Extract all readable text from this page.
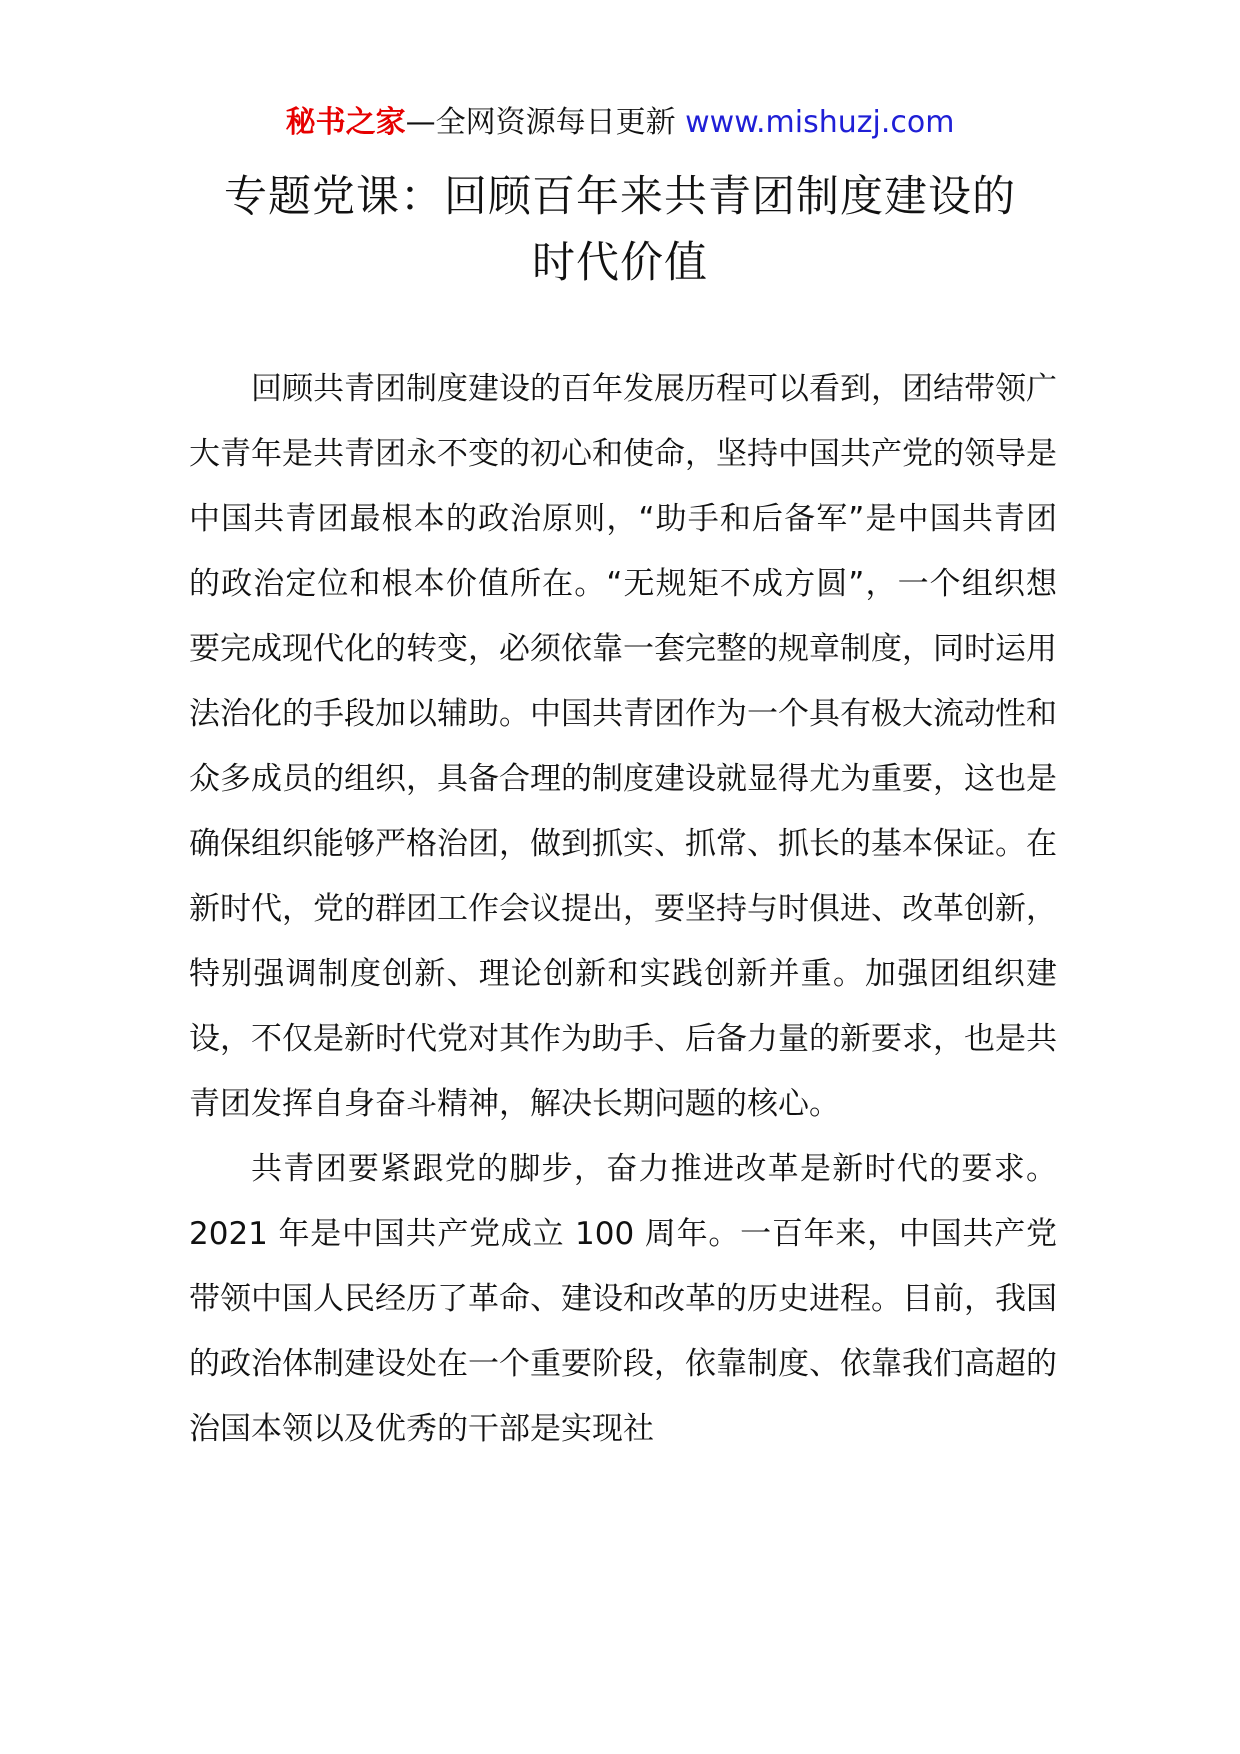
秘书之家—全网资源每日更新 www.mishuzj.com
专题党课：回顾百年来共青团制度建设的
时代价值

回顾共青团制度建设的百年发展历程可以看到，团结带领广大青年是共青团永不变的初心和使命，坚持中国共产党的领导是中国共青团最根本的政治原则，“助手和后备军”是中国共青团的政治定位和根本价值所在。“无规矩不成方圆”，一个组织想要完成现代化的转变，必须依靠一套完整的规章制度，同时运用法治化的手段加以辅助。中国共青团作为一个具有极大流动性和众多成员的组织，具备合理的制度建设就显得尤为重要，这也是确保组织能够严格治团，做到抓实、抓常、抓长的基本保证。在新时代，党的群团工作会议提出，要坚持与时俱进、改革创新，特别强调制度创新、理论创新和实践创新并重。加强团组织建设，不仅是新时代党对其作为助手、后备力量的新要求，也是共青团发挥自身奋斗精神，解决长期问题的核心。

共青团要紧跟党的脚步，奋力推进改革是新时代的要求。2021 年是中国共产党成立 100 周年。一百年来，中国共产党带领中国人民经历了革命、建设和改革的历史进程。目前，我国的政治体制建设处在一个重要阶段，依靠制度、依靠我们高超的治国本领以及优秀的干部是实现社
